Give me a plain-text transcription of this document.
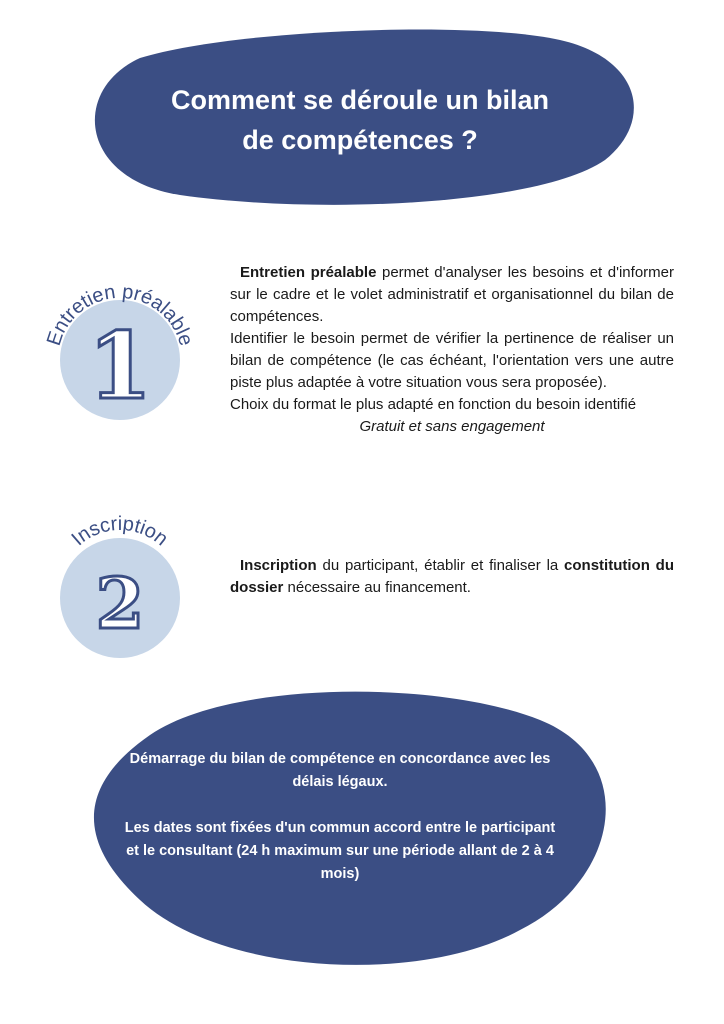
Comment se déroule un bilan
de compétences ?
Entretien préalable
1

Entretien préalable permet d'analyser les besoins et d'informer sur le cadre et le volet administratif et organisationnel du bilan de compétences.

Identifier le besoin permet de vérifier la pertinence de réaliser un bilan de compétence (le cas échéant, l'orientation vers une autre piste plus adaptée à votre situation vous sera proposée).

Choix du format le plus adapté en fonction du besoin identifié

Gratuit et sans engagement

Inscription
2	Inscription du participant, établir et finaliser la constitution du dossier nécessaire au financement.

Démarrage du bilan de compétence en concordance avec les délais légaux.

Les dates sont fixées d'un commun accord entre le participant et le consultant (24 h maximum sur une période allant de 2 à 4 mois)
